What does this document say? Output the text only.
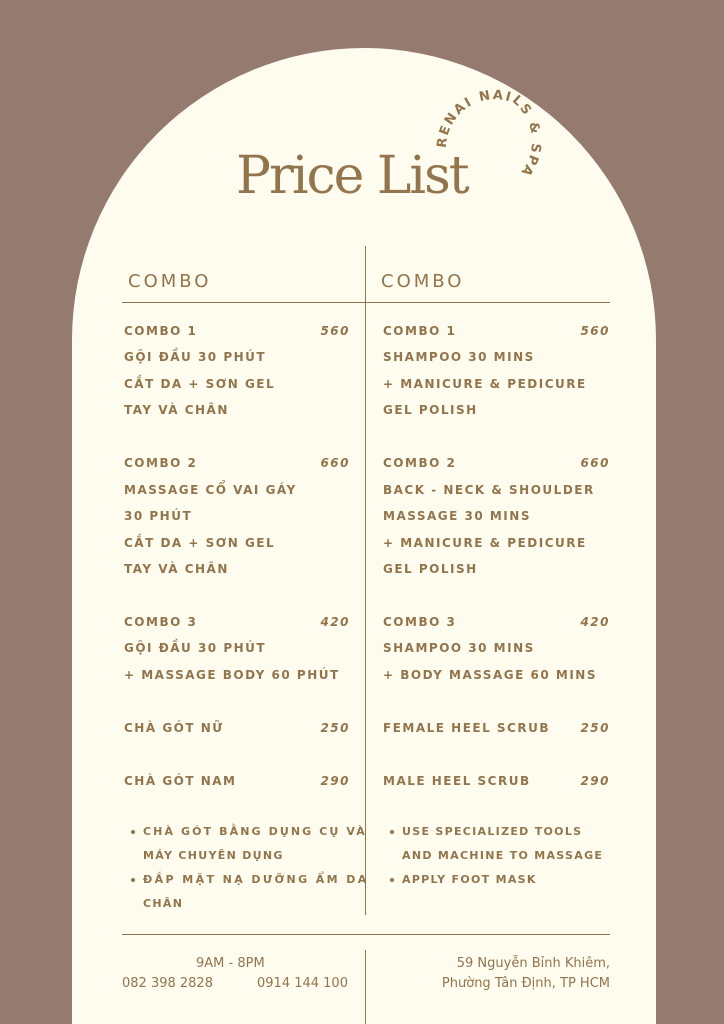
Price List
RENAI NAILS & SPA
COMBO	COMBO
COMBO 1	560
GỘI ĐẦU 30 PHÚT
CẮT DA + SƠN GEL
TAY VÀ CHÂN
COMBO 2	660
MASSAGE CỔ VAI GÁY
30 PHÚT
CẮT DA + SƠN GEL
TAY VÀ CHÂN
COMBO 3	420
GỘI ĐẦU 30 PHÚT
+ MASSAGE BODY 60 PHÚT
CHÀ GÓT NỮ	250
CHÀ GÓT NAM	290
CHÀ GÓT BẰNG DỤNG CỤ VÀ
MÁY CHUYÊN DỤNG
ĐẮP MẶT NẠ DƯỠNG ẨM DA
CHÂN
COMBO 1	560
SHAMPOO 30 MINS
+ MANICURE & PEDICURE
GEL POLISH
COMBO 2	660
BACK - NECK & SHOULDER
MASSAGE 30 MINS
+ MANICURE & PEDICURE
GEL POLISH
COMBO 3	420
SHAMPOO 30 MINS
+ BODY MASSAGE 60 MINS
FEMALE HEEL SCRUB	250
MALE HEEL SCRUB	290
USE SPECIALIZED TOOLS
AND MACHINE TO MASSAGE
APPLY FOOT MASK
9AM - 8PM
082 398 2828	0914 144 100
59 Nguyễn Bỉnh Khiêm,
Phường Tân Định, TP HCM
